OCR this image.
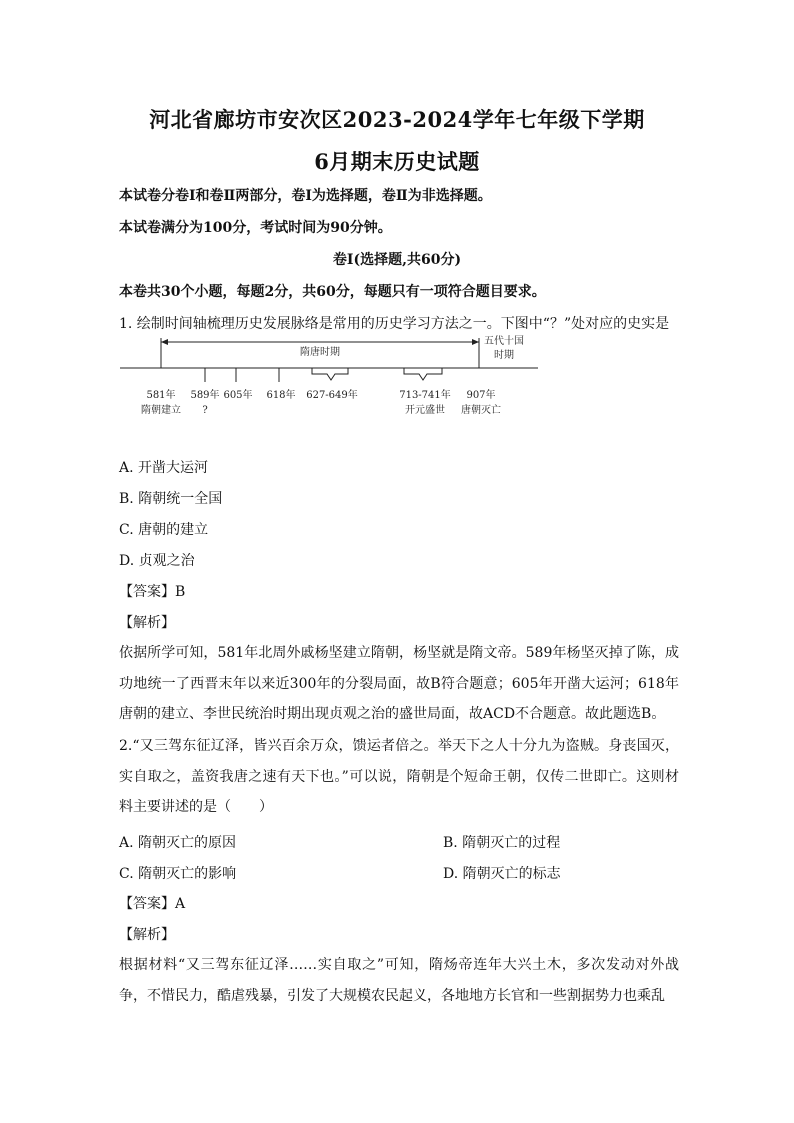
河北省廊坊市安次区2023-2024学年七年级下学期
6月期末历史试题
本试卷分卷Ⅰ和卷Ⅱ两部分，卷Ⅰ为选择题，卷Ⅱ为非选择题。
本试卷满分为100分，考试时间为90分钟。
卷Ⅰ(选择题,共60分)
本卷共30个小题，每题2分，共60分，每题只有一项符合题目要求。
1. 绘制时间轴梳理历史发展脉络是常用的历史学习方法之一。下图中“？”处对应的史实是
隋唐时期
五代十国
时期
581年
隋朝建立
589年
?
605年 618年 627-649年	713-741年
开元盛世
907年
唐朝灭亡
A. 开凿大运河
B. 隋朝统一全国
C. 唐朝的建立
D. 贞观之治
【答案】B
【解析】
依据所学可知，581年北周外戚杨坚建立隋朝，杨坚就是隋文帝。589年杨坚灭掉了陈，成功地统一了西晋末年以来近300年的分裂局面，故B符合题意；605年开凿大运河；618年唐朝的建立、李世民统治时期出现贞观之治的盛世局面，故ACD不合题意。故此题选B。
2.“又三驾东征辽泽，皆兴百余万众，馈运者倍之。举天下之人十分九为盗贼。身丧国灭，实自取之，盖资我唐之速有天下也。”可以说，隋朝是个短命王朝，仅传二世即亡。这则材料主要讲述的是（　　）
A. 隋朝灭亡的原因	B. 隋朝灭亡的过程
C. 隋朝灭亡的影响	D. 隋朝灭亡的标志
【答案】A
【解析】
根据材料“又三驾东征辽泽……实自取之”可知，隋炀帝连年大兴土木，多次发动对外战争，不惜民力，酷虐残暴，引发了大规模农民起义，各地地方长官和一些割据势力也乘乱
